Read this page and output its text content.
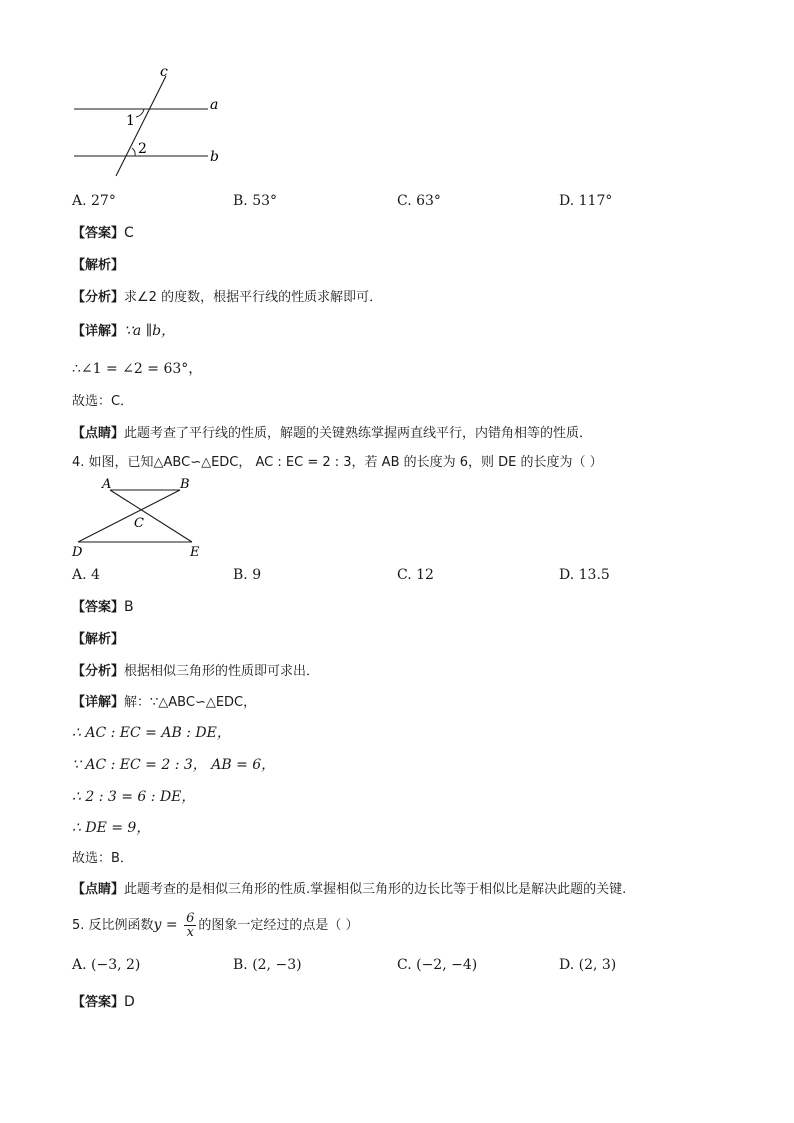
c
a
b
1
2
A. 27°	B. 53°	C. 63°	D. 117°
【答案】C
【解析】
【分析】求∠2 的度数，根据平行线的性质求解即可．
【详解】∵a ∥b，
∴∠1 = ∠2 = 63°，
故选：C．
【点睛】此题考查了平行线的性质，解题的关键熟练掌握两直线平行，内错角相等的性质．
4. 如图，已知△ABC∽△EDC， AC : EC = 2 : 3，若 AB 的长度为 6，则 DE 的长度为（ ）
A	B
C
D	E
A. 4	B. 9	C. 12	D. 13.5
【答案】B
【解析】
【分析】根据相似三角形的性质即可求出．
【详解】解：∵△ABC∽△EDC，
∴ AC : EC = AB : DE，
∵ AC : EC = 2 : 3， AB = 6，
∴ 2 : 3 = 6 : DE，
∴ DE = 9，
故选：B．
【点睛】此题考查的是相似三角形的性质.掌握相似三角形的边长比等于相似比是解决此题的关键.
5. 反比例函数$y = \frac{6}{x}$ 的图象一定经过的点是（ ）
A. (−3, 2)	B. (2, −3)	C. (−2, −4)	D. (2, 3)
【答案】D
